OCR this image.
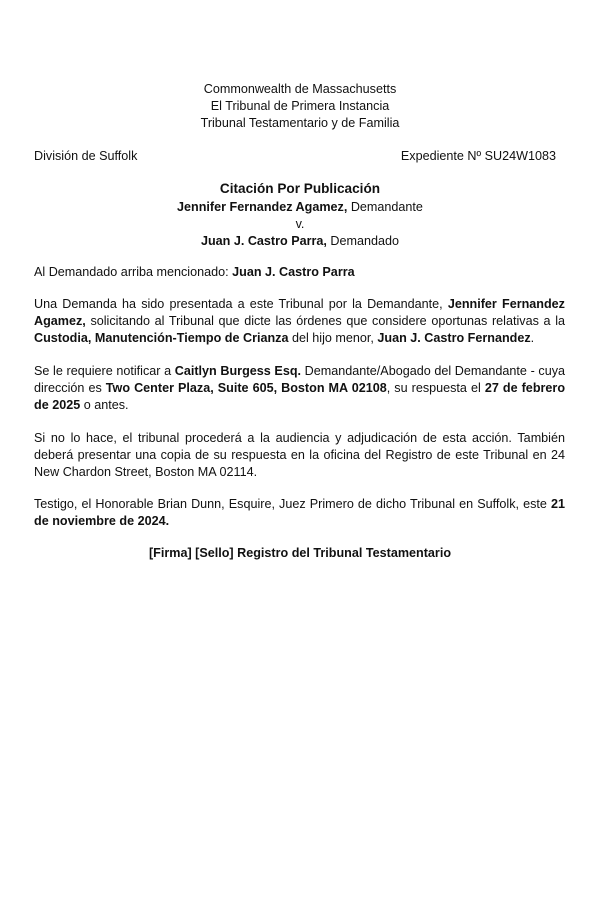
Commonwealth de Massachusetts
El Tribunal de Primera Instancia
Tribunal Testamentario y de Familia
División de Suffolk	Expediente Nº SU24W1083
Citación Por Publicación
Jennifer Fernandez Agamez, Demandante
v.
Juan J. Castro Parra, Demandado

Al Demandado arriba mencionado: Juan J. Castro Parra

Una Demanda ha sido presentada a este Tribunal por la Demandante, Jennifer Fernandez Agamez, solicitando al Tribunal que dicte las órdenes que considere oportunas relativas a la Custodia, Manutención-Tiempo de Crianza del hijo menor, Juan J. Castro Fernandez.

Se le requiere notificar a Caitlyn Burgess Esq. Demandante/Abogado del Demandante - cuya dirección es Two Center Plaza, Suite 605, Boston MA 02108, su respuesta el 27 de febrero de 2025 o antes.

Si no lo hace, el tribunal procederá a la audiencia y adjudicación de esta acción. También deberá presentar una copia de su respuesta en la oficina del Registro de este Tribunal en 24 New Chardon Street, Boston MA 02114.

Testigo, el Honorable Brian Dunn, Esquire, Juez Primero de dicho Tribunal en Suffolk, este 21 de noviembre de 2024.

[Firma] [Sello] Registro del Tribunal Testamentario
